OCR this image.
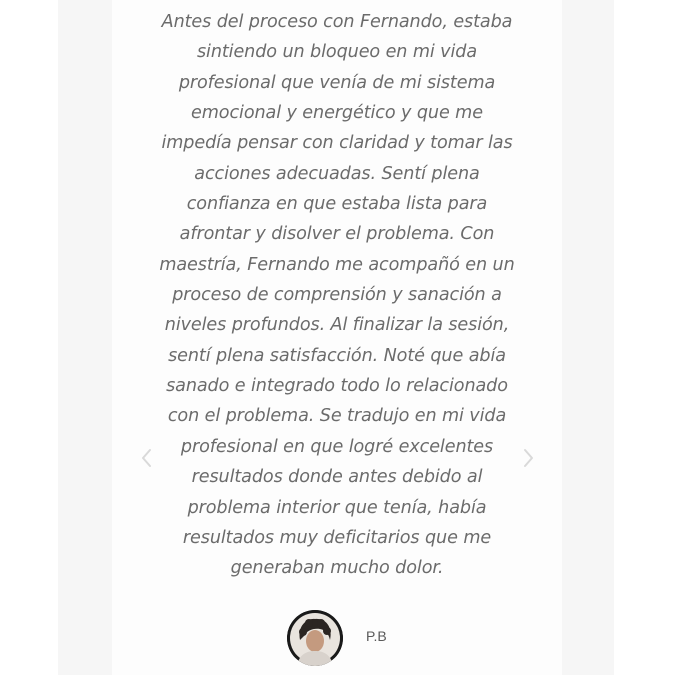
Antes del proceso con Fernando, estaba
sintiendo un bloqueo en mi vida
profesional que venía de mi sistema
emocional y energético y que me
impedía pensar con claridad y tomar las
acciones adecuadas. Sentí plena
confianza en que estaba lista para
afrontar y disolver el problema. Con
maestría, Fernando me acompañó en un
proceso de comprensión y sanación a
niveles profundos. Al finalizar la sesión,
sentí plena satisfacción. Noté que abía
sanado e integrado todo lo relacionado
con el problema. Se tradujo en mi vida
profesional en que logré excelentes
resultados donde antes debido al
problema interior que tenía, había
resultados muy deficitarios que me
generaban mucho dolor.

P.B
